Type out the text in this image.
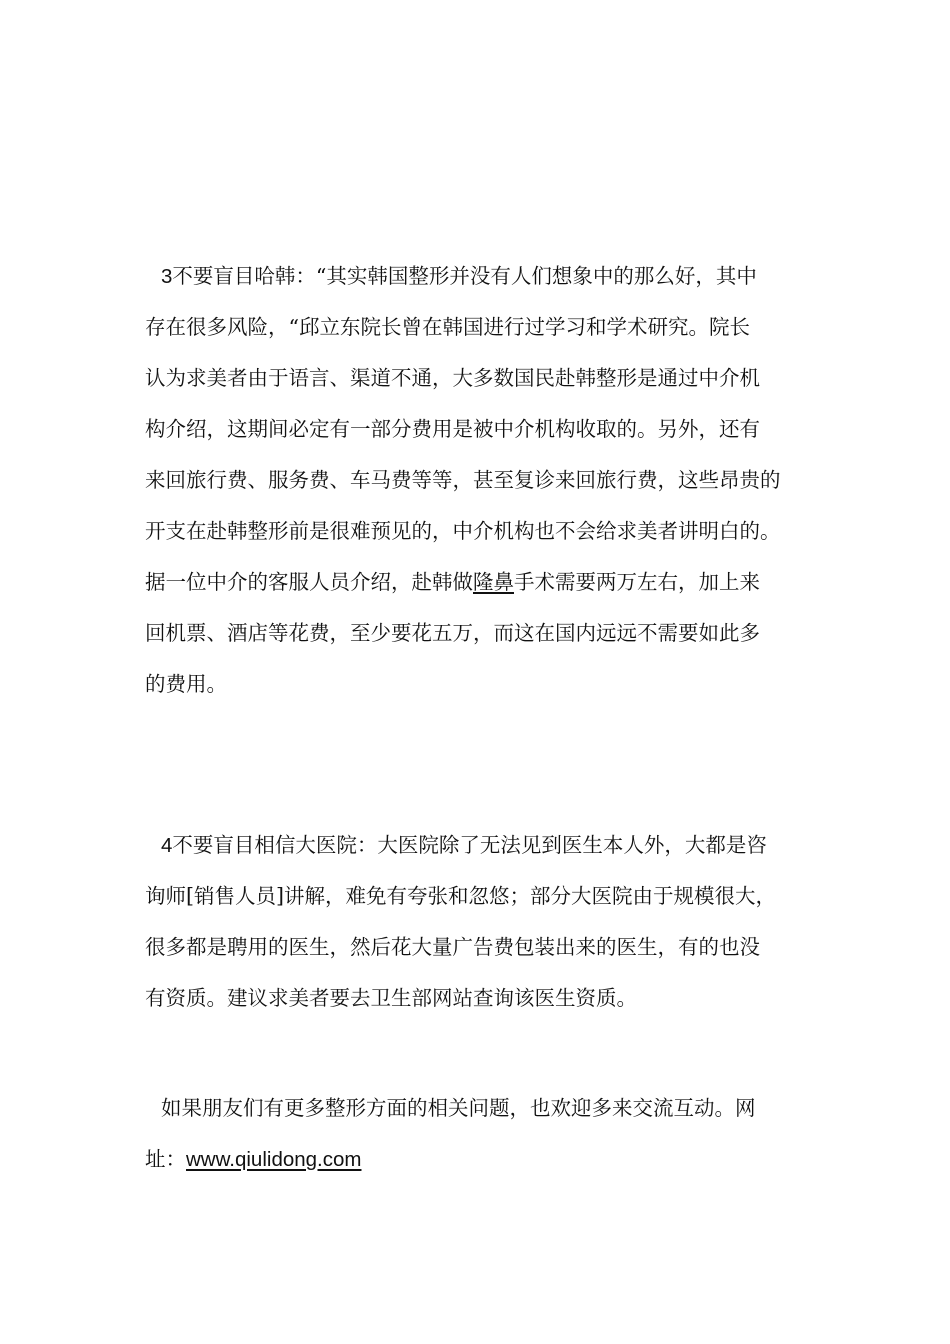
3不要盲目哈韩：“其实韩国整形并没有人们想象中的那么好，其中
存在很多风险，“邱立东院长曾在韩国进行过学习和学术研究。院长
认为求美者由于语言、渠道不通，大多数国民赴韩整形是通过中介机
构介绍，这期间必定有一部分费用是被中介机构收取的。另外，还有
来回旅行费、服务费、车马费等等，甚至复诊来回旅行费，这些昂贵的
开支在赴韩整形前是很难预见的，中介机构也不会给求美者讲明白的。
据一位中介的客服人员介绍，赴韩做隆鼻手术需要两万左右，加上来
回机票、酒店等花费，至少要花五万，而这在国内远远不需要如此多
的费用。
4不要盲目相信大医院：大医院除了无法见到医生本人外，大都是咨
询师[销售人员]讲解，难免有夸张和忽悠；部分大医院由于规模很大，
很多都是聘用的医生，然后花大量广告费包装出来的医生，有的也没
有资质。建议求美者要去卫生部网站查询该医生资质。
如果朋友们有更多整形方面的相关问题，也欢迎多来交流互动。网
址：www.qiulidong.com
